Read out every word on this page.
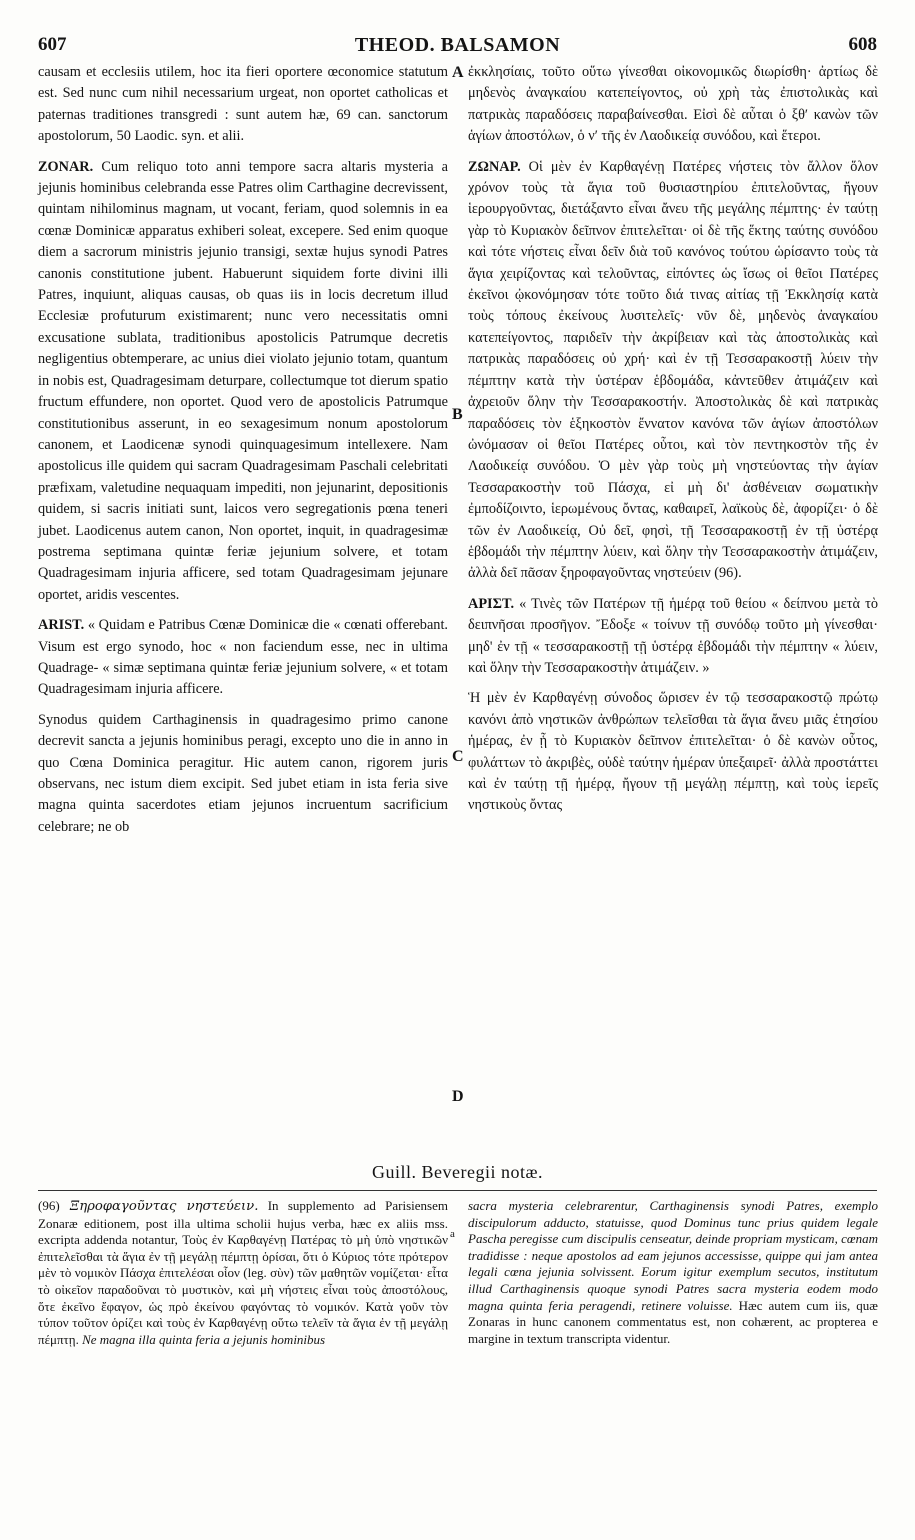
607	THEOD. BALSAMON	608

causam et ecclesiis utilem, hoc ita fieri oportere œconomice statutum est. Sed nunc cum nihil necessarium urgeat, non oportet catholicas et paternas traditiones transgredi : sunt autem hæ, 69 can. sanctorum apostolorum, 50 Laodic. syn. et alii.

ZONAR. Cum reliquo toto anni tempore sacra altaris mysteria a jejunis hominibus celebranda esse Patres olim Carthagine decrevissent, quintam nihilominus magnam, ut vocant, feriam, quod solemnis in ea cœnæ Dominicæ apparatus exhiberi soleat, excepere. Sed enim quoque diem a sacrorum ministris jejunio transigi, sextæ hujus synodi Patres canonis constitutione jubent. Habuerunt siquidem forte divini illi Patres, inquiunt, aliquas causas, ob quas iis in locis decretum illud Ecclesiæ profuturum existimarent; nunc vero necessitatis omni excusatione sublata, traditionibus apostolicis Patrumque decretis negligentius obtemperare, ac unius diei violato jejunio totam, quantum in nobis est, Quadragesimam deturpare, collectumque tot dierum spatio fructum effundere, non oportet. Quod vero de apostolicis Patrumque constitutionibus asserunt, in eo sexagesimum nonum apostolorum canonem, et Laodicenæ synodi quinquagesimum intellexere. Nam apostolicus ille quidem qui sacram Quadragesimam Paschali celebritati præfixam, valetudine nequaquam impediti, non jejunarint, depositionis quidem, si sacris initiati sunt, laicos vero segregationis pœna teneri jubet. Laodicenus autem canon, Non oportet, inquit, in quadragesimæ postrema septimana quintæ feriæ jejunium solvere, et totam Quadragesimam injuria afficere, sed totam Quadragesimam jejunare oportet, aridis vescentes.

ARIST. « Quidam e Patribus Cœnæ Dominicæ die « cœnati offerebant. Visum est ergo synodo, hoc « non faciendum esse, nec in ultima Quadrage- « simæ septimana quintæ feriæ jejunium solvere, « et totam Quadragesimam injuria afficere.

Synodus quidem Carthaginensis in quadragesimo primo canone decrevit sancta a jejunis hominibus peragi, excepto uno die in anno in quo Cœna Dominica peragitur. Hic autem canon, rigorem juris observans, nec istum diem excipit. Sed jubet etiam in ista feria sive magna quinta sacerdotes etiam jejunos incruentum sacrificium celebrare; ne ob

ἐκκλησίαις, τοῦτο οὕτω γίνεσθαι οἰκονομικῶς διωρίσθη· ἀρτίως δὲ μηδενὸς ἀναγκαίου κατεπείγοντος, οὐ χρὴ τὰς ἐπιστολικὰς καὶ πατρικὰς παραδόσεις παραβαίνεσθαι. Εἰσὶ δὲ αὗται ὁ ξθʹ κανὼν τῶν ἁγίων ἀποστόλων, ὁ νʹ τῆς ἐν Λαοδικείᾳ συνόδου, καὶ ἕτεροι.

ΖΩΝΑΡ. Οἱ μὲν ἐν Καρθαγένῃ Πατέρες νήστεις τὸν ἄλλον ὅλον χρόνον τοὺς τὰ ἅγια τοῦ θυσιαστηρίου ἐπιτελοῦντας, ἤγουν ἱερουργοῦντας, διετάξαντο εἶναι ἄνευ τῆς μεγάλης πέμπτης· ἐν ταύτῃ γὰρ τὸ Κυριακὸν δεῖπνον ἐπιτελεῖται· οἱ δὲ τῆς ἕκτης ταύτης συνόδου καὶ τότε νήστεις εἶναι δεῖν διὰ τοῦ κανόνος τούτου ὡρίσαντο τοὺς τὰ ἅγια χειρίζοντας καὶ τελοῦντας, εἰπόντες ὡς ἴσως οἱ θεῖοι Πατέρες ἐκεῖνοι ᾠκονόμησαν τότε τοῦτο διά τινας αἰτίας τῇ Ἐκκλησίᾳ κατὰ τοὺς τόπους ἐκείνους λυσιτελεῖς· νῦν δὲ, μηδενὸς ἀναγκαίου κατεπείγοντος, παριδεῖν τὴν ἀκρίβειαν καὶ τὰς ἀποστολικὰς καὶ πατρικὰς παραδόσεις οὐ χρή· καὶ ἐν τῇ Τεσσαρακοστῇ λύειν τὴν πέμπτην κατὰ τὴν ὑστέραν ἑβδομάδα, κἀντεῦθεν ἀτιμάζειν καὶ ἀχρειοῦν ὅλην τὴν Τεσσαρακοστήν. Ἀποστολικὰς δὲ καὶ πατρικὰς παραδόσεις τὸν ἑξηκοστὸν ἔννατον κανόνα τῶν ἁγίων ἀποστόλων ὠνόμασαν οἱ θεῖοι Πατέρες οὗτοι, καὶ τὸν πεντηκοστὸν τῆς ἐν Λαοδικείᾳ συνόδου. Ὁ μὲν γὰρ τοὺς μὴ νηστεύοντας τὴν ἁγίαν Τεσσαρακοστὴν τοῦ Πάσχα, εἰ μὴ δι' ἀσθένειαν σωματικὴν ἐμποδίζοιντο, ἱερωμένους ὄντας, καθαιρεῖ, λαϊκοὺς δὲ, ἀφορίζει· ὁ δὲ τῶν ἐν Λαοδικείᾳ, Οὐ δεῖ, φησὶ, τῇ Τεσσαρακοστῇ ἐν τῇ ὑστέρᾳ ἑβδομάδι τὴν πέμπτην λύειν, καὶ ὅλην τὴν Τεσσαρακοστὴν ἀτιμάζειν, ἀλλὰ δεῖ πᾶσαν ξηροφαγοῦντας νηστεύειν (96).

ΑΡΙΣΤ. « Τινὲς τῶν Πατέρων τῇ ἡμέρᾳ τοῦ θείου « δείπνου μετὰ τὸ δειπνῆσαι προσῆγον. Ἔδοξε « τοίνυν τῇ συνόδῳ τοῦτο μὴ γίνεσθαι· μηδ' ἐν τῇ « τεσσαρακοστῇ τῇ ὑστέρᾳ ἑβδομάδι τὴν πέμπτην « λύειν, καὶ ὅλην τὴν Τεσσαρακοστὴν ἀτιμάζειν. »

Ἡ μὲν ἐν Καρθαγένῃ σύνοδος ὥρισεν ἐν τῷ τεσσαρακοστῷ πρώτῳ κανόνι ἀπὸ νηστικῶν ἀνθρώπων τελεῖσθαι τὰ ἅγια ἄνευ μιᾶς ἐτησίου ἡμέρας, ἐν ᾗ τὸ Κυριακὸν δεῖπνον ἐπιτελεῖται· ὁ δὲ κανὼν οὗτος, φυλάττων τὸ ἀκριβὲς, οὐδὲ ταύτην ἡμέραν ὑπεξαιρεῖ· ἀλλὰ προστάττει καὶ ἐν ταύτῃ τῇ ἡμέρᾳ, ἤγουν τῇ μεγάλῃ πέμπτῃ, καὶ τοὺς ἱερεῖς νηστικοὺς ὄντας

A
B
C
D
Guill. Beveregii notæ.

(96) Ξηροφαγοῦντας νηστεύειν. In supplemento ad Parisiensem Zonaræ editionem, post illa ultima scholii hujus verba, hæc ex aliis mss. excripta addenda notantur, Τοὺς ἐν Καρθαγένῃ Πατέρας τὸ μὴ ὑπὸ νηστικῶν ἐπιτελεῖσθαι τὰ ἅγια ἐν τῇ μεγάλῃ πέμπτῃ ὁρίσαι, ὅτι ὁ Κύριος τότε πρότερον μὲν τὸ νομικὸν Πάσχα ἐπιτελέσαι οἷον (leg. σὺν) τῶν μαθητῶν νομίζεται· εἶτα τὸ οἰκεῖον παραδοῦναι τὸ μυστικὸν, καὶ μὴ νήστεις εἶναι τοὺς ἀποστόλους, ὅτε ἐκεῖνο ἔφαγον, ὡς πρὸ ἐκείνου φαγόντας τὸ νομικόν. Κατὰ γοῦν τὸν τύπον τοῦτον ὁρίζει καὶ τοὺς ἐν Καρθαγένῃ οὕτω τελεῖν τὰ ἅγια ἐν τῇ μεγάλῃ πέμπτῃ. Ne magna illa quinta feria a jejunis hominibus

a

sacra mysteria celebrarentur, Carthaginensis synodi Patres, exemplo discipulorum adducto, statuisse, quod Dominus tunc prius quidem legale Pascha peregisse cum discipulis censeatur, deinde propriam mysticam, cœnam tradidisse : neque apostolos ad eam jejunos accessisse, quippe qui jam antea legali cœna jejunia solvissent. Eorum igitur exemplum secutos, institutum illud Carthaginensis quoque synodi Patres sacra mysteria eodem modo magna quinta feria peragendi, retinere voluisse. Hæc autem cum iis, quæ Zonaras in hunc canonem commentatus est, non cohærent, ac propterea e margine in textum transcripta videntur.
